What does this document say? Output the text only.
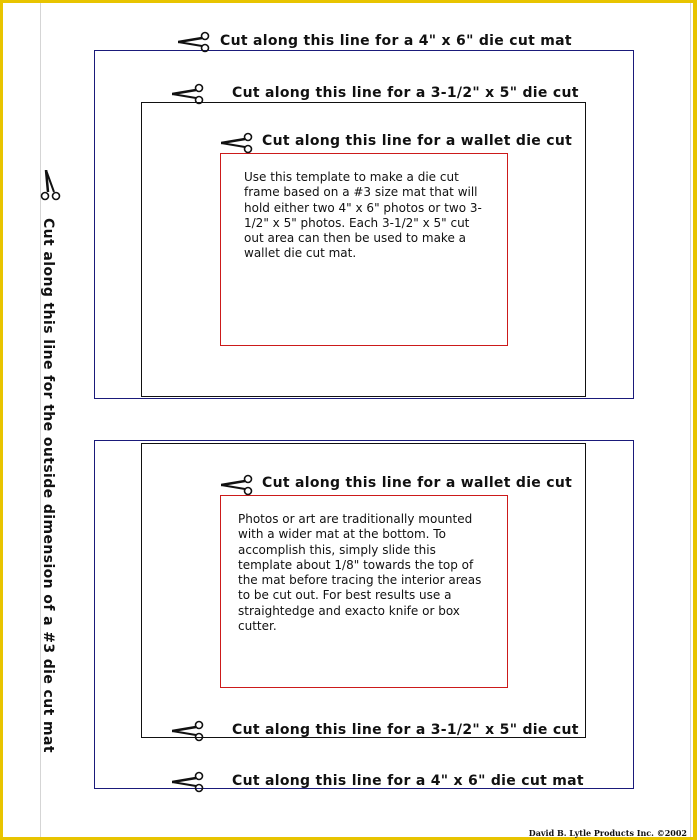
Cut along this line for a 4" x 6" die cut mat
Cut along this line for a 3-1/2" x 5" die cut
Cut along this line for a wallet die cut
Use this template to make a die cut frame based on a #3 size mat that will hold either two 4" x 6" photos or two 3-1/2" x 5" photos. Each 3-1/2" x 5" cut out area can then be used to make a wallet die cut mat.
Cut along this line for a wallet die cut
Photos or art are traditionally mounted with a wider mat at the bottom. To accomplish this, simply slide this template about 1/8" towards the top of the mat before tracing the interior areas to be cut out. For best results use a straightedge and exacto knife or box cutter.
Cut along this line for a 3-1/2" x 5" die cut
Cut along this line for a 4" x 6" die cut mat
Cut along this line for the outside dimension of a #3 die cut mat
David B. Lytle Products Inc. ©2002
